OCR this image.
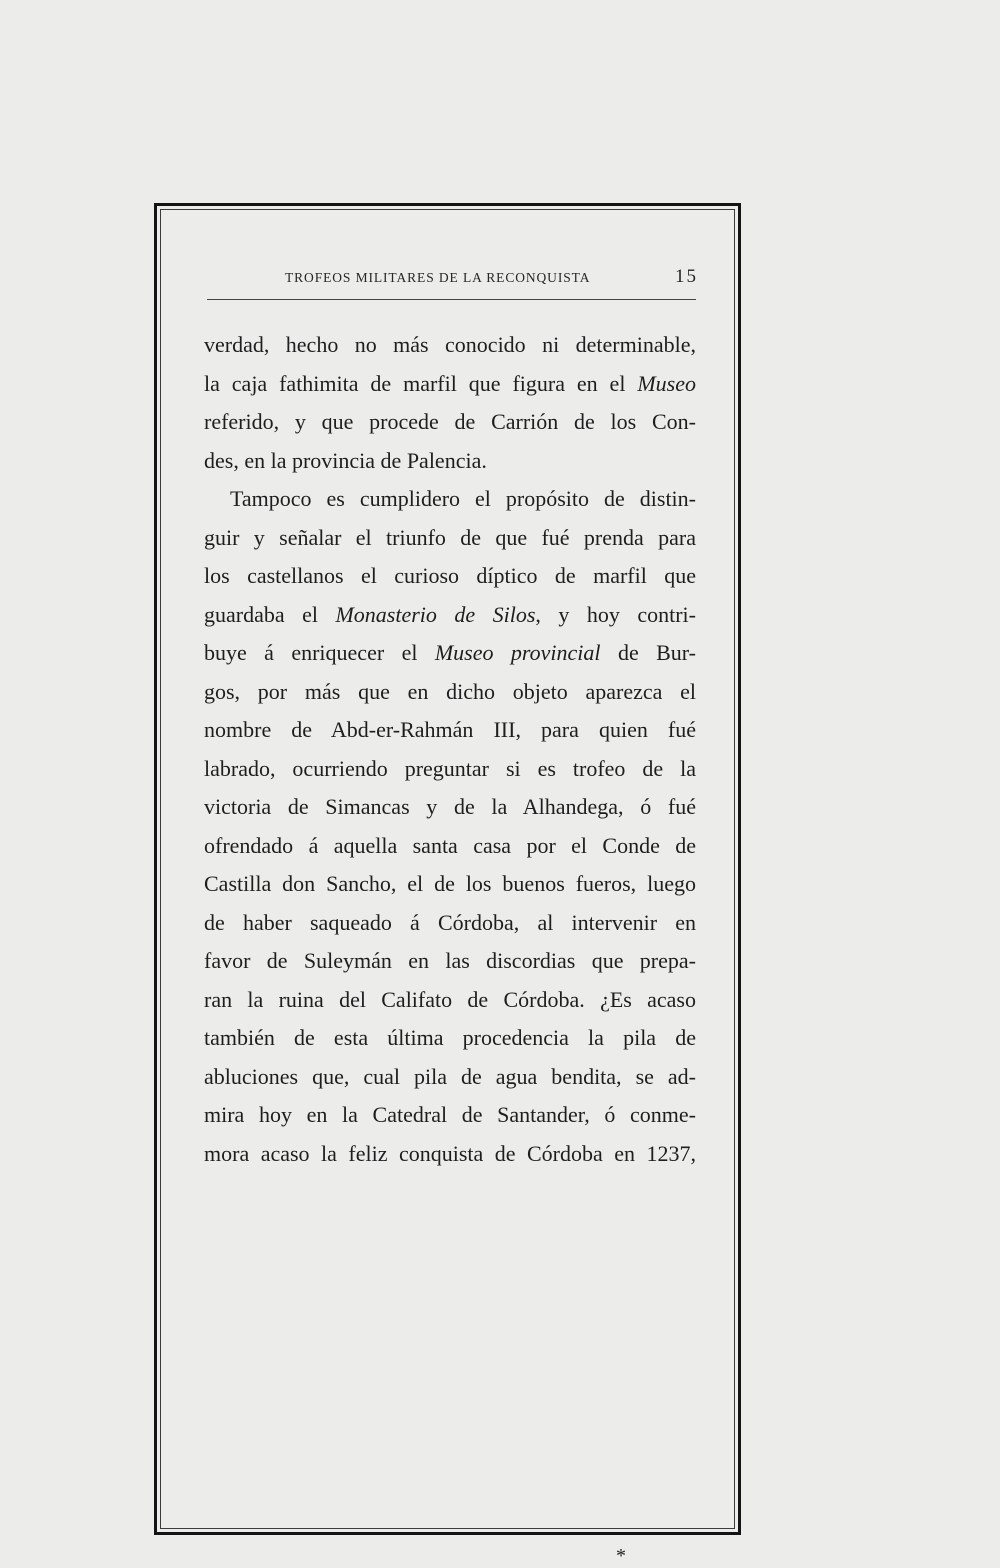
TROFEOS MILITARES DE LA RECONQUISTA	15
verdad, hecho no más conocido ni determinable,
la caja fathimita de marfil que figura en el Museo
referido, y que procede de Carrión de los Con-
des, en la provincia de Palencia.
Tampoco es cumplidero el propósito de distin-
guir y señalar el triunfo de que fué prenda para
los castellanos el curioso díptico de marfil que
guardaba el Monasterio de Silos, y hoy contri-
buye á enriquecer el Museo provincial de Bur-
gos, por más que en dicho objeto aparezca el
nombre de Abd-er-Rahmán III, para quien fué
labrado, ocurriendo preguntar si es trofeo de la
victoria de Simancas y de la Alhandega, ó fué
ofrendado á aquella santa casa por el Conde de
Castilla don Sancho, el de los buenos fueros, luego
de haber saqueado á Córdoba, al intervenir en
favor de Suleymán en las discordias que prepa-
ran la ruina del Califato de Córdoba. ¿Es acaso
también de esta última procedencia la pila de
abluciones que, cual pila de agua bendita, se ad-
mira hoy en la Catedral de Santander, ó conme-
mora acaso la feliz conquista de Córdoba en 1237,
*
